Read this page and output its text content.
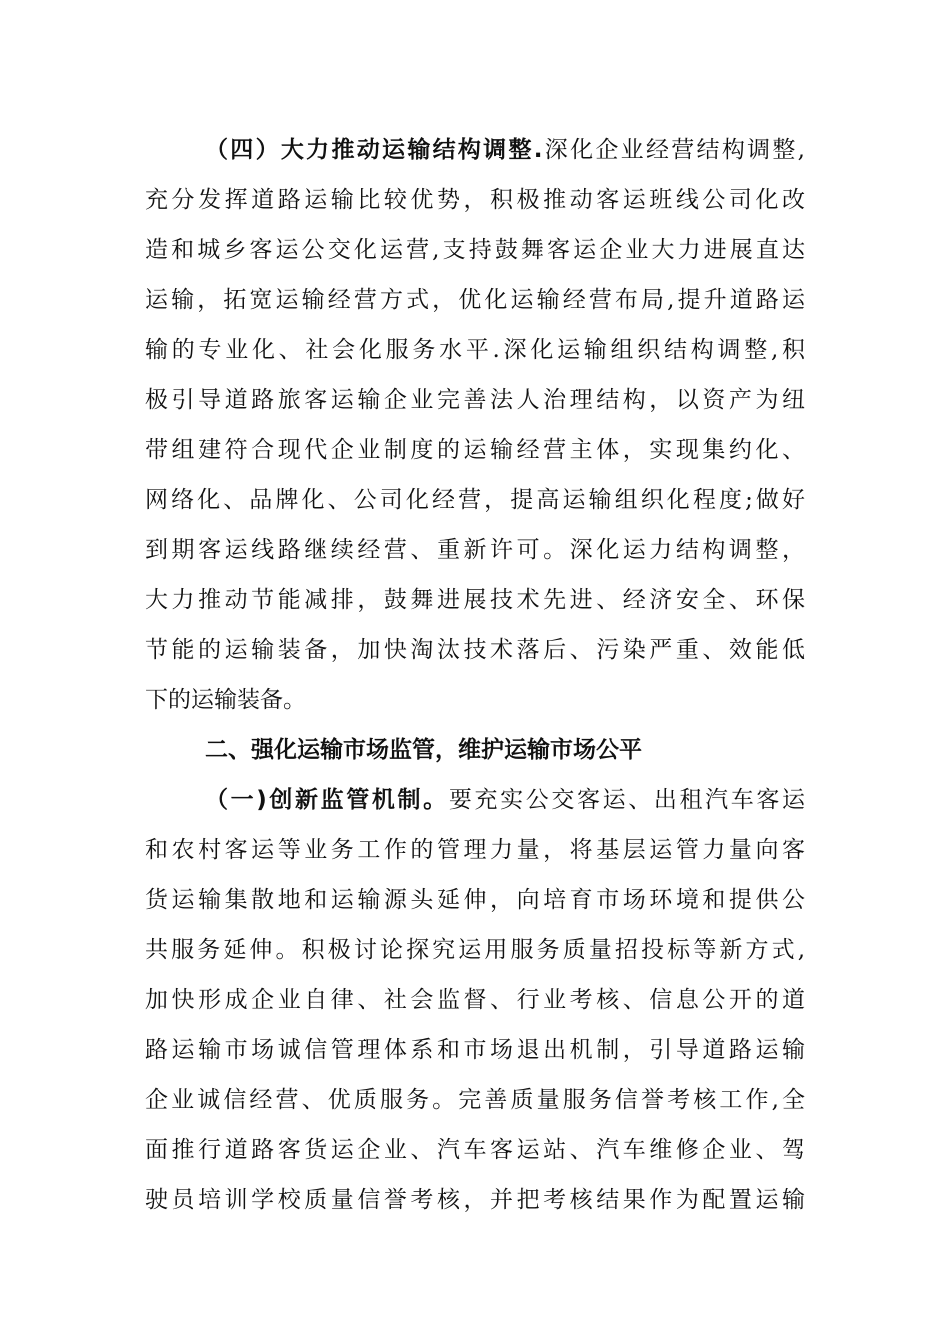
（四）大力推动运输结构调整.深化企业经营结构调整,
充分发挥道路运输比较优势，积极推动客运班线公司化改
造和城乡客运公交化运营,支持鼓舞客运企业大力进展直达
运输，拓宽运输经营方式，优化运输经营布局,提升道路运
输的专业化、社会化服务水平.深化运输组织结构调整,积
极引导道路旅客运输企业完善法人治理结构，以资产为纽
带组建符合现代企业制度的运输经营主体，实现集约化、
网络化、品牌化、公司化经营，提高运输组织化程度;做好
到期客运线路继续经营、重新许可。深化运力结构调整，
大力推动节能减排，鼓舞进展技术先进、经济安全、环保
节能的运输装备，加快淘汰技术落后、污染严重、效能低
下的运输装备。
二、强化运输市场监管，维护运输市场公平
（一)创新监管机制。要充实公交客运、出租汽车客运
和农村客运等业务工作的管理力量，将基层运管力量向客
货运输集散地和运输源头延伸，向培育市场环境和提供公
共服务延伸。积极讨论探究运用服务质量招投标等新方式,
加快形成企业自律、社会监督、行业考核、信息公开的道
路运输市场诚信管理体系和市场退出机制，引导道路运输
企业诚信经营、优质服务。完善质量服务信誉考核工作,全
面推行道路客货运企业、汽车客运站、汽车维修企业、驾
驶员培训学校质量信誉考核，并把考核结果作为配置运输
